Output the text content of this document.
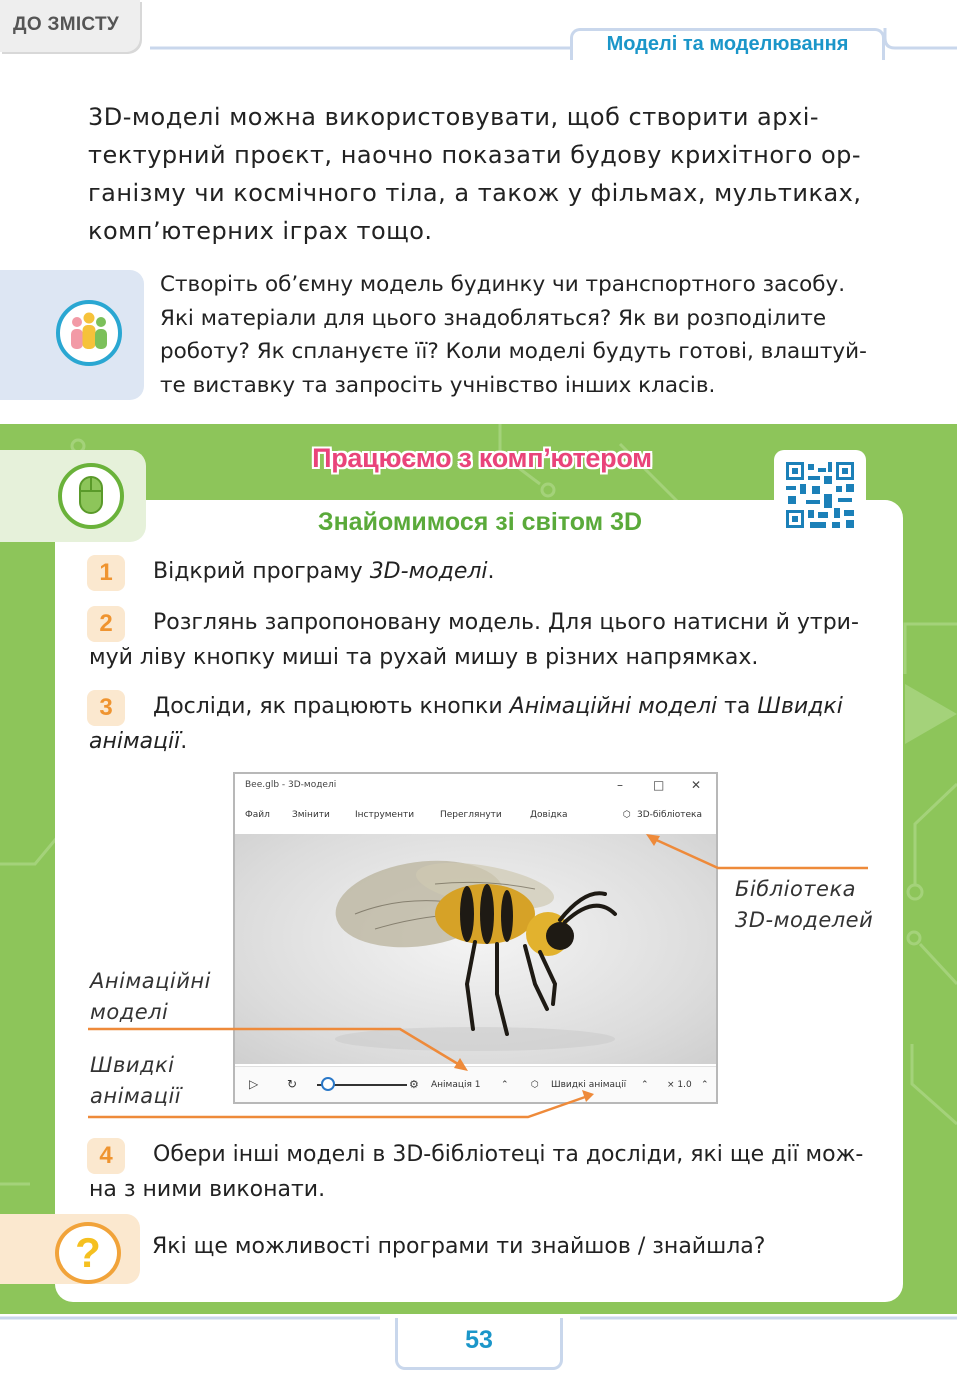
ДО ЗМІСТУ
Моделі та моделювання
3D-моделі можна використовувати, щоб створити архі-
тектурний проєкт, наочно показати будову крихітного ор-
ганізму чи космічного тіла, а також у фільмах, мультиках,
комп’ютерних іграх тощо.
Створіть об’ємну модель будинку чи транспортного засобу.
Які матеріали для цього знадобляться? Як ви розподілите
роботу? Як сплануєте її? Коли моделі будуть готові, влаштуй-
те виставку та запросіть учнівство інших класів.
Працюємо з комп’ютером
Знайомимося зі світом 3D
1	Відкрий програму 3D-моделі.
2	Розглянь запропоновану модель. Для цього натисни й утри-
муй ліву кнопку миші та рухай мишу в різних напрямках.
3	Досліди, як працюють кнопки Анімаційні моделі та Швидкі
анімації.
Bee.glb - 3D-моделі	–	□ ✕
Файл Змінити	Інструменти	Переглянути	Довідка	⬡ 3D-бібліотека
▷ ↻	⚙ Анімація 1 ⌃ ⬡ Швидкі анімації ⌃ × 1.0 ⌃
Бібліотека
3D-моделей
Анімаційні
моделі
Швидкі
анімації
4	Обери інші моделі в 3D-бібліотеці та досліди, які ще дії мож-
на з ними виконати.
?	Які ще можливості програми ти знайшов / знайшла?
53
